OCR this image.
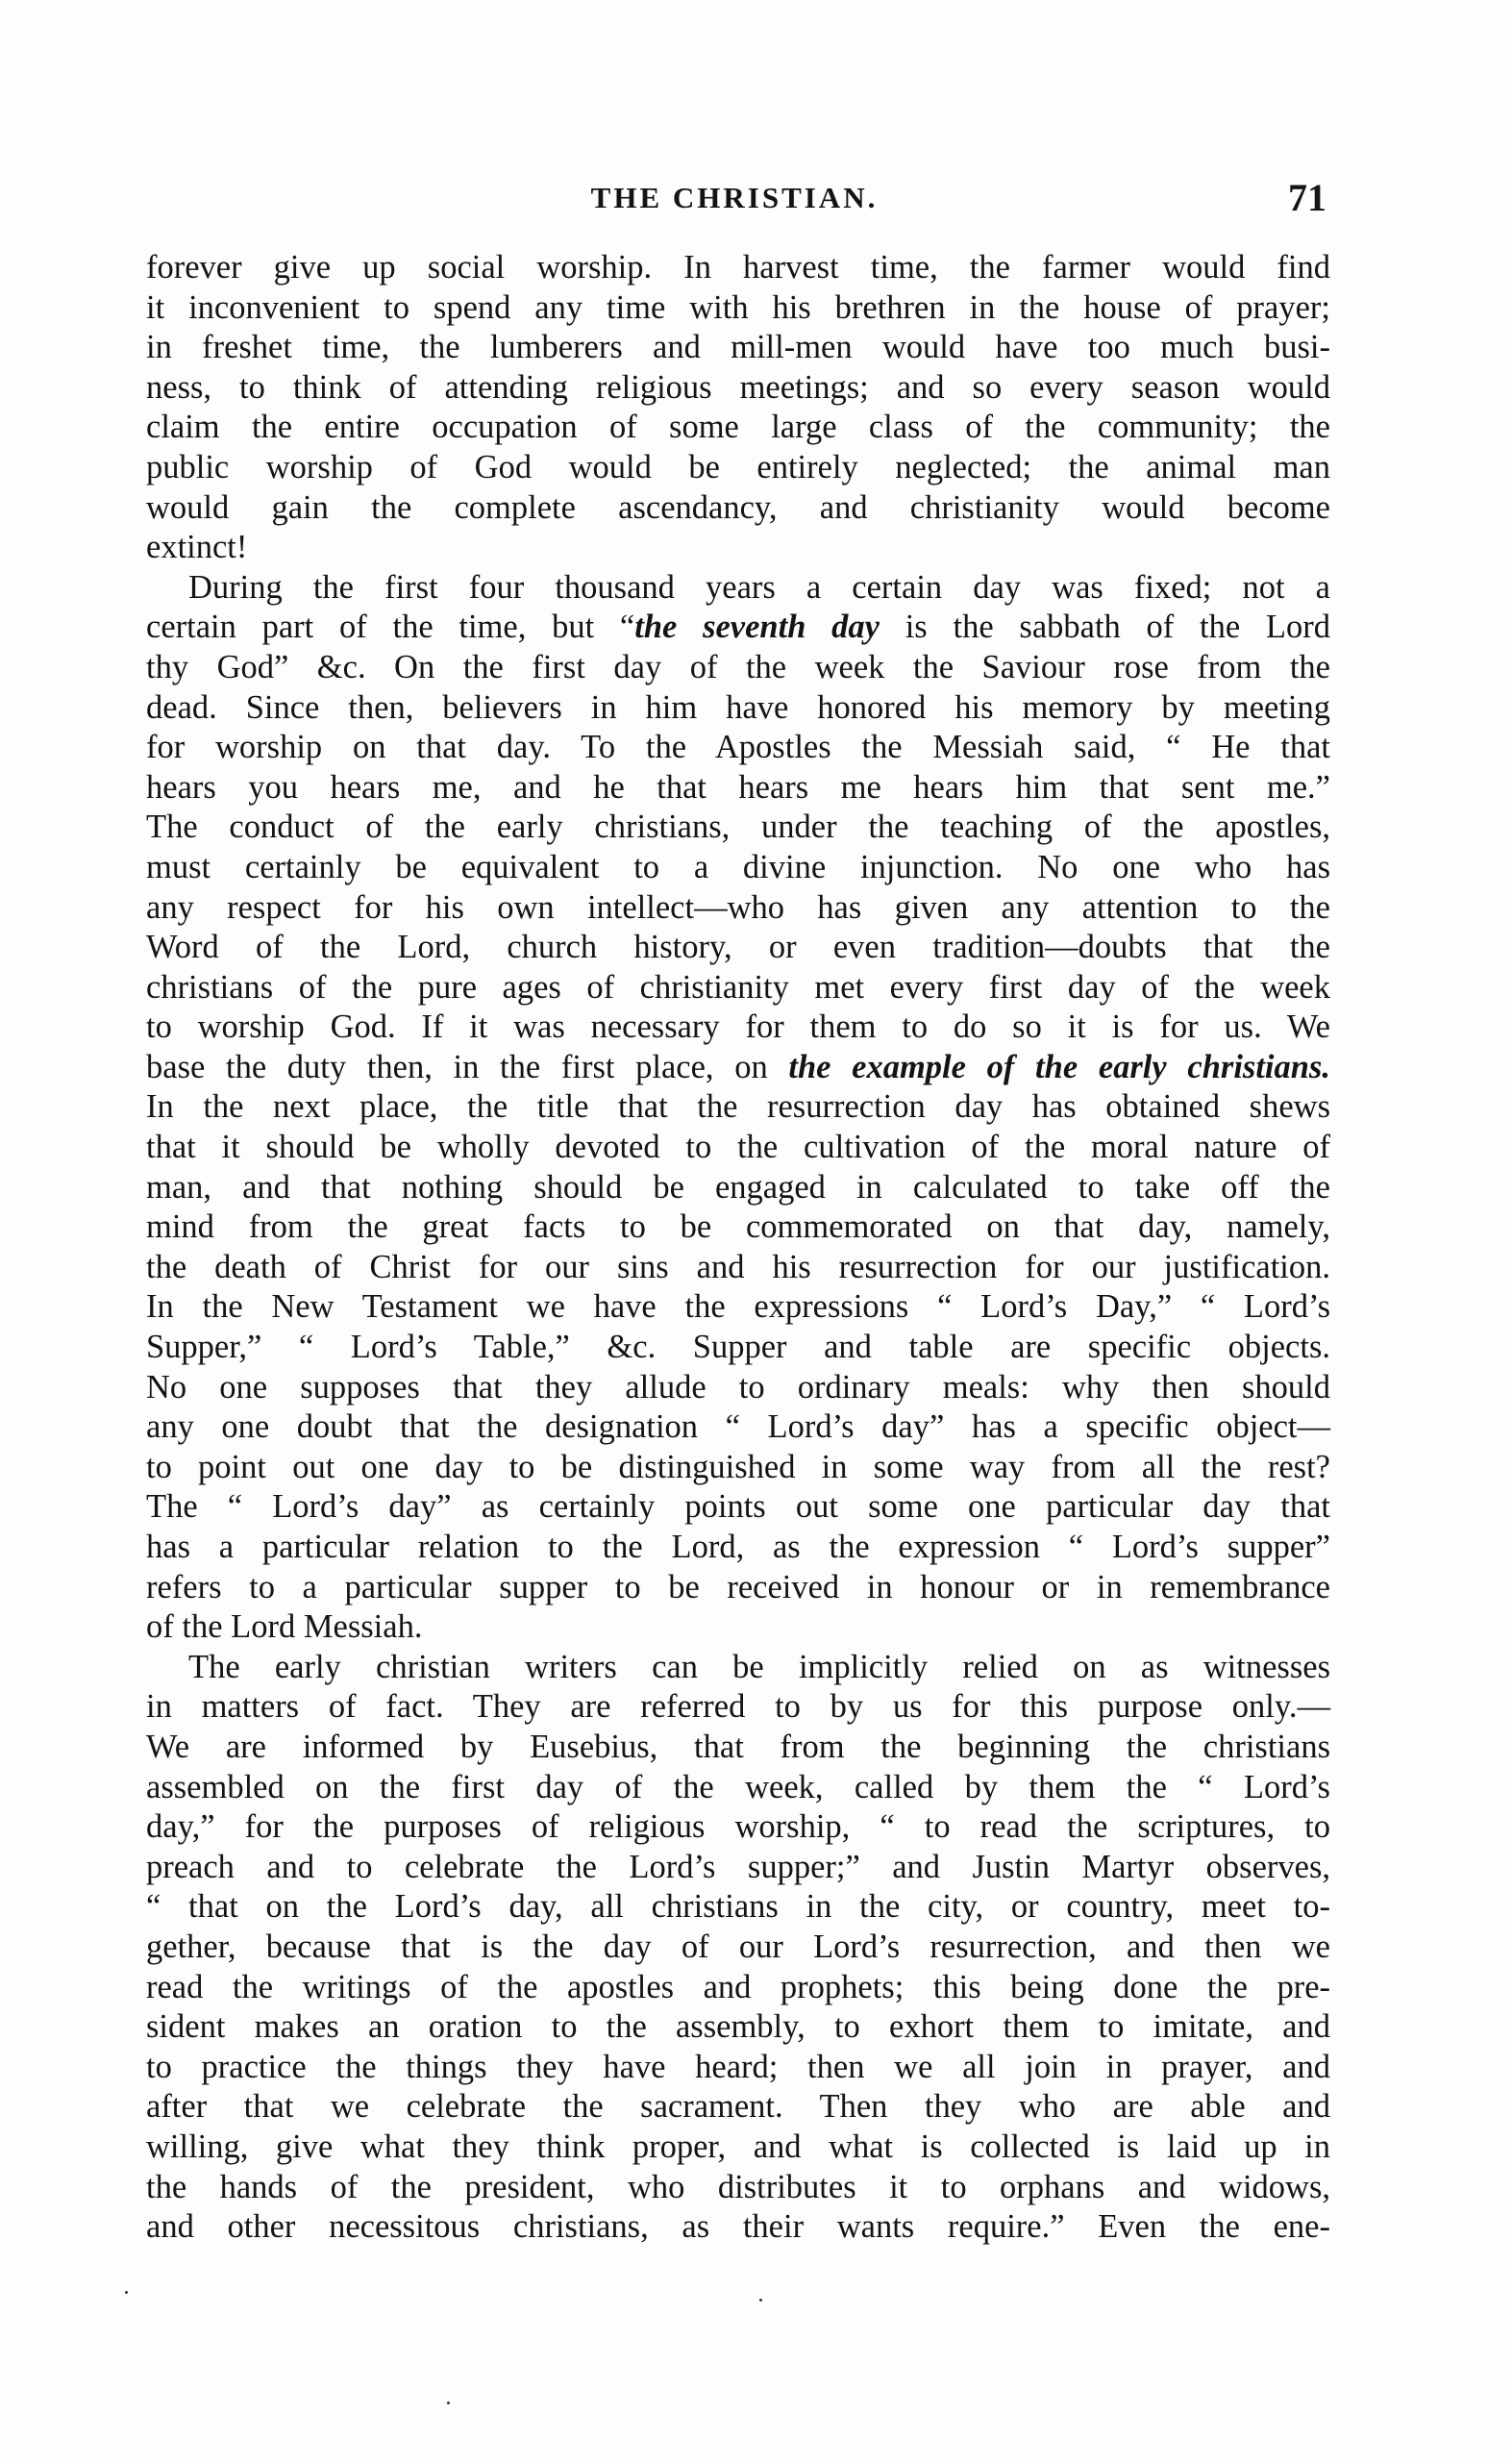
THE CHRISTIAN.	71
forever give up social worship. In harvest time, the farmer would find
it inconvenient to spend any time with his brethren in the house of prayer;
in freshet time, the lumberers and mill-men would have too much busi-
ness, to think of attending religious meetings; and so every season would
claim the entire occupation of some large class of the community; the
public worship of God would be entirely neglected; the animal man
would gain the complete ascendancy, and christianity would become
extinct!
During the first four thousand years a certain day was fixed; not a
certain part of the time, but “the seventh day is the sabbath of the Lord
thy God” &c. On the first day of the week the Saviour rose from the
dead. Since then, believers in him have honored his memory by meeting
for worship on that day. To the Apostles the Messiah said, “ He that
hears you hears me, and he that hears me hears him that sent me.”
The conduct of the early christians, under the teaching of the apostles,
must certainly be equivalent to a divine injunction. No one who has
any respect for his own intellect—who has given any attention to the
Word of the Lord, church history, or even tradition—doubts that the
christians of the pure ages of christianity met every first day of the week
to worship God. If it was necessary for them to do so it is for us. We
base the duty then, in the first place, on the example of the early christians.
In the next place, the title that the resurrection day has obtained shews
that it should be wholly devoted to the cultivation of the moral nature of
man, and that nothing should be engaged in calculated to take off the
mind from the great facts to be commemorated on that day, namely,
the death of Christ for our sins and his resurrection for our justification.
In the New Testament we have the expressions “ Lord’s Day,” “ Lord’s
Supper,” “ Lord’s Table,” &c. Supper and table are specific objects.
No one supposes that they allude to ordinary meals: why then should
any one doubt that the designation “ Lord’s day” has a specific object—
to point out one day to be distinguished in some way from all the rest?
The “ Lord’s day” as certainly points out some one particular day that
has a particular relation to the Lord, as the expression “ Lord’s supper”
refers to a particular supper to be received in honour or in remembrance
of the Lord Messiah.
The early christian writers can be implicitly relied on as witnesses
in matters of fact. They are referred to by us for this purpose only.—
We are informed by Eusebius, that from the beginning the christians
assembled on the first day of the week, called by them the “ Lord’s
day,” for the purposes of religious worship, “ to read the scriptures, to
preach and to celebrate the Lord’s supper;” and Justin Martyr observes,
“ that on the Lord’s day, all christians in the city, or country, meet to-
gether, because that is the day of our Lord’s resurrection, and then we
read the writings of the apostles and prophets; this being done the pre-
sident makes an oration to the assembly, to exhort them to imitate, and
to practice the things they have heard; then we all join in prayer, and
after that we celebrate the sacrament. Then they who are able and
willing, give what they think proper, and what is collected is laid up in
the hands of the president, who distributes it to orphans and widows,
and other necessitous christians, as their wants require.” Even the ene-
